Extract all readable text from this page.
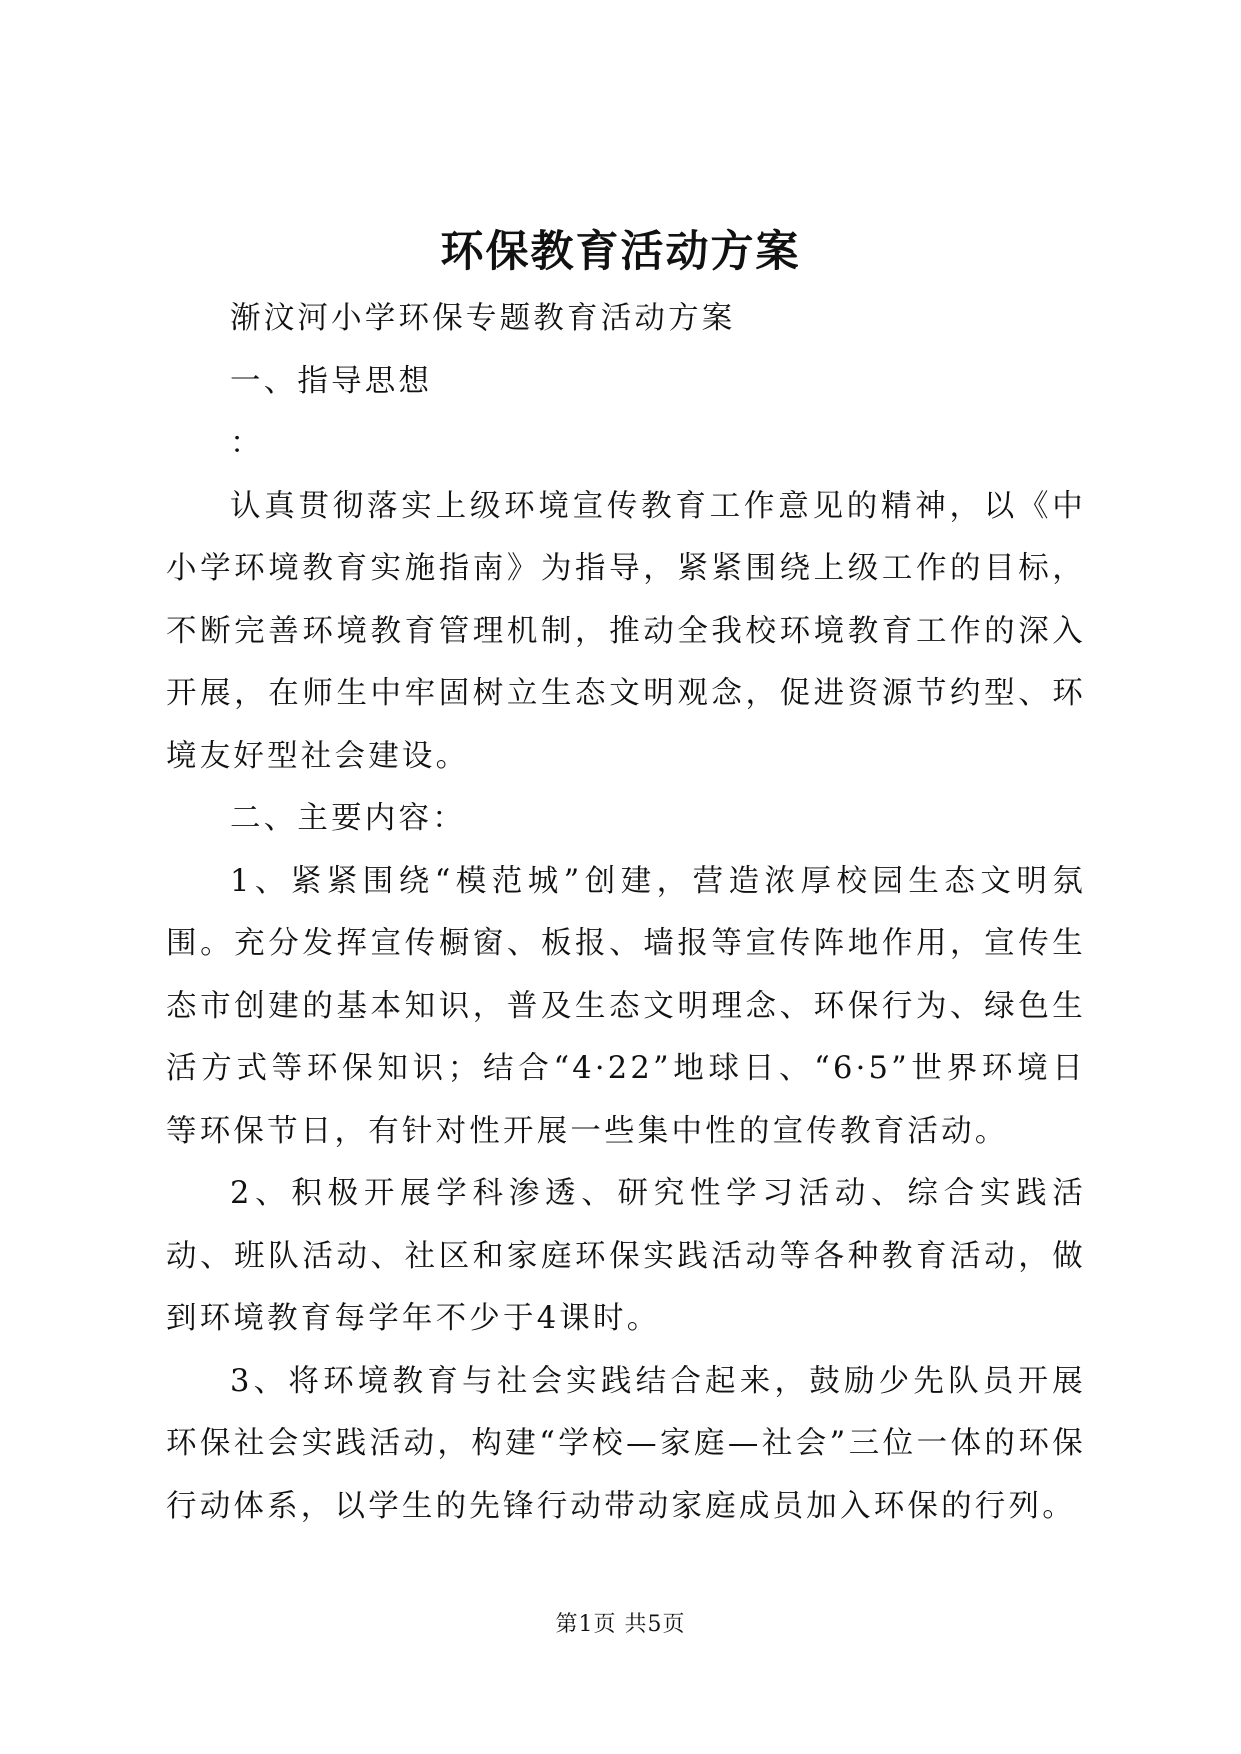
环保教育活动方案

渐汶河小学环保专题教育活动方案

一、指导思想

：

认真贯彻落实上级环境宣传教育工作意见的精神，以《中小学环境教育实施指南》为指导，紧紧围绕上级工作的目标，不断完善环境教育管理机制，推动全我校环境教育工作的深入开展，在师生中牢固树立生态文明观念，促进资源节约型、环境友好型社会建设。

二、主要内容：

1、紧紧围绕“模范城”创建，营造浓厚校园生态文明氛围。充分发挥宣传橱窗、板报、墙报等宣传阵地作用，宣传生态市创建的基本知识，普及生态文明理念、环保行为、绿色生活方式等环保知识；结合“4·22”地球日、“6·5”世界环境日等环保节日，有针对性开展一些集中性的宣传教育活动。

2、积极开展学科渗透、研究性学习活动、综合实践活动、班队活动、社区和家庭环保实践活动等各种教育活动，做到环境教育每学年不少于4课时。

3、将环境教育与社会实践结合起来，鼓励少先队员开展环保社会实践活动，构建“学校—家庭—社会”三位一体的环保行动体系，以学生的先锋行动带动家庭成员加入环保的行列。

第1页 共5页
